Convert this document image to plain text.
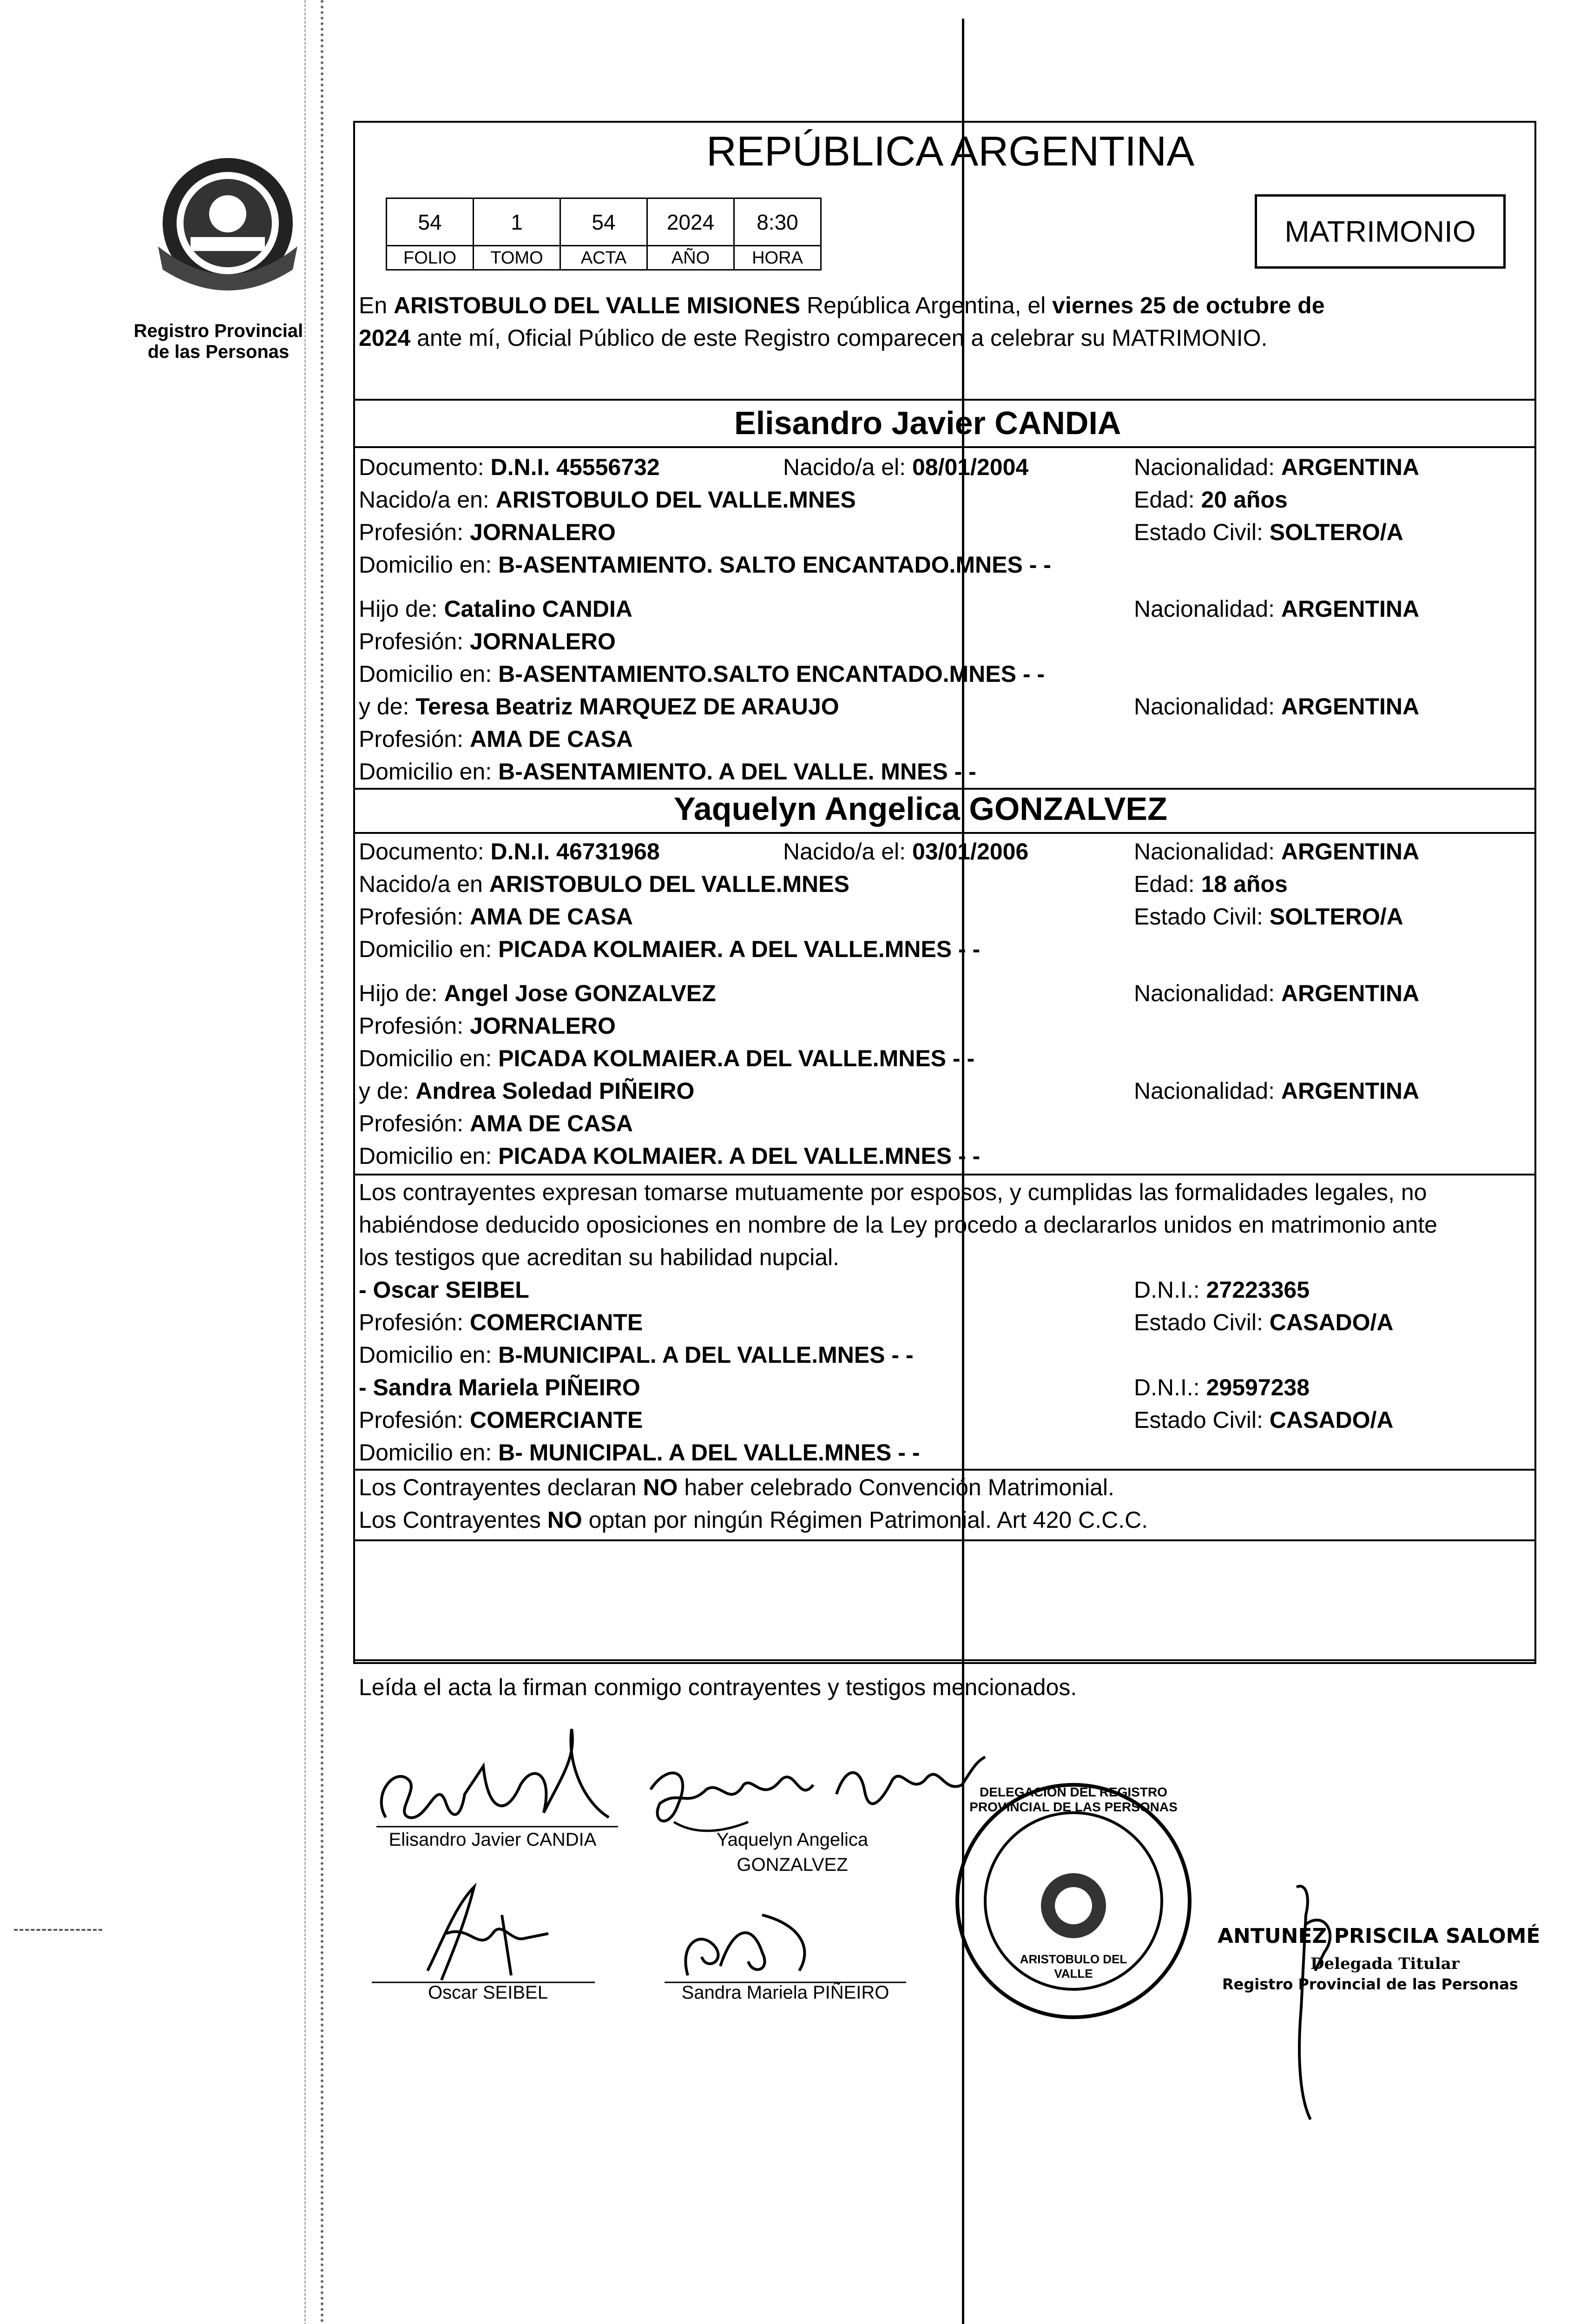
Registro Provincial
de las Personas
REPÚBLICA ARGENTINA
54	1	54	2024	8:30
FOLIO	TOMO	ACTA	AÑO	HORA
MATRIMONIO
En ARISTOBULO DEL VALLE MISIONES República Argentina, el viernes 25 de octubre de
2024 ante mí, Oficial Público de este Registro comparecen a celebrar su MATRIMONIO.
Elisandro Javier CANDIA
Documento: D.N.I. 45556732	Nacido/a el: 08/01/2004	Nacionalidad: ARGENTINA
Nacido/a en: ARISTOBULO DEL VALLE.MNES	Edad: 20 años
Profesión: JORNALERO	Estado Civil: SOLTERO/A
Domicilio en: B-ASENTAMIENTO. SALTO ENCANTADO.MNES - -
Hijo de: Catalino CANDIA	Nacionalidad: ARGENTINA
Profesión: JORNALERO
Domicilio en: B-ASENTAMIENTO.SALTO ENCANTADO.MNES - -
y de: Teresa Beatriz MARQUEZ DE ARAUJO	Nacionalidad: ARGENTINA
Profesión: AMA DE CASA
Domicilio en: B-ASENTAMIENTO. A DEL VALLE. MNES - -
Yaquelyn Angelica GONZALVEZ
Documento: D.N.I. 46731968	Nacido/a el: 03/01/2006	Nacionalidad: ARGENTINA
Nacido/a en ARISTOBULO DEL VALLE.MNES	Edad: 18 años
Profesión: AMA DE CASA	Estado Civil: SOLTERO/A
Domicilio en: PICADA KOLMAIER. A DEL VALLE.MNES - -
Hijo de: Angel Jose GONZALVEZ	Nacionalidad: ARGENTINA
Profesión: JORNALERO
Domicilio en: PICADA KOLMAIER.A DEL VALLE.MNES - -
y de: Andrea Soledad PIÑEIRO	Nacionalidad: ARGENTINA
Profesión: AMA DE CASA
Domicilio en: PICADA KOLMAIER. A DEL VALLE.MNES - -
Los contrayentes expresan tomarse mutuamente por esposos, y cumplidas las formalidades legales, no
habiéndose deducido oposiciones en nombre de la Ley procedo a declararlos unidos en matrimonio ante
los testigos que acreditan su habilidad nupcial.
- Oscar SEIBEL	D.N.I.: 27223365
Profesión: COMERCIANTE	Estado Civil: CASADO/A
Domicilio en: B-MUNICIPAL. A DEL VALLE.MNES - -
- Sandra Mariela PIÑEIRO	D.N.I.: 29597238
Profesión: COMERCIANTE	Estado Civil: CASADO/A
Domicilio en: B- MUNICIPAL. A DEL VALLE.MNES - -
Los Contrayentes declaran NO haber celebrado Convención Matrimonial.
Los Contrayentes NO optan por ningún Régimen Patrimonial. Art 420 C.C.C.
Leída el acta la firman conmigo contrayentes y testigos mencionados.
Elisandro Javier CANDIA	Yaquelyn Angelica
GONZALVEZ
Oscar SEIBEL	Sandra Mariela PIÑEIRO
DELEGACIÓN DEL REGISTRO PROVINCIAL DE LAS PERSONAS
ARISTOBULO DEL VALLE
ANTUNEZ PRISCILA SALOMÉ
Delegada Titular
Registro Provincial de las Personas
